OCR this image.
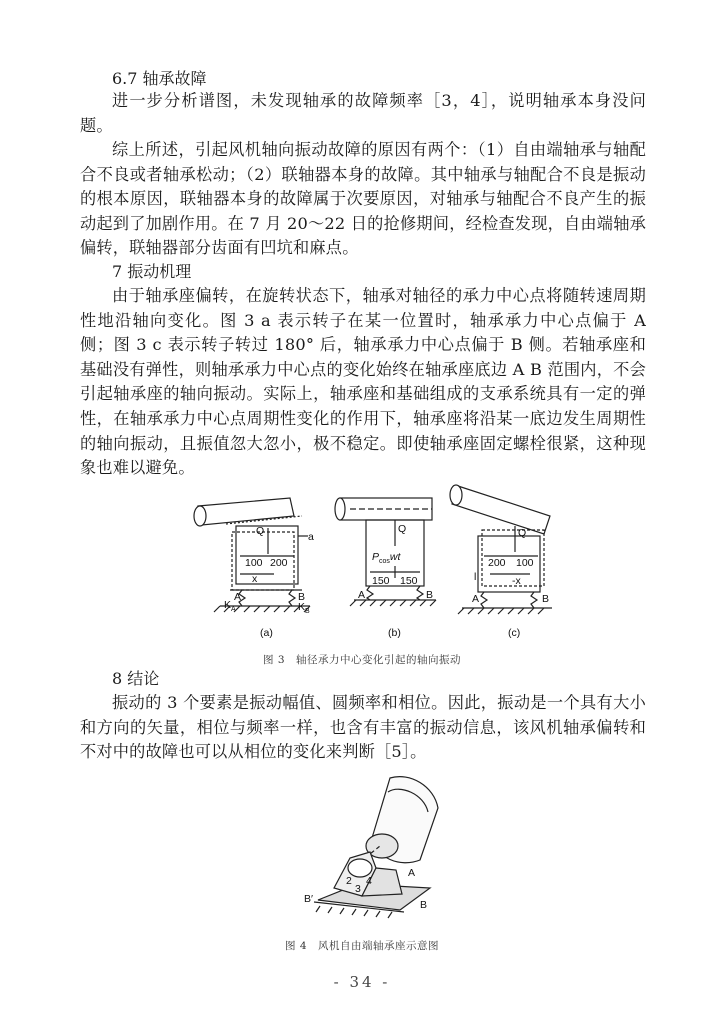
6.7 轴承故障

进一步分析谱图，未发现轴承的故障频率［3，4］，说明轴承本身没问题。

综上所述，引起风机轴向振动故障的原因有两个：（1）自由端轴承与轴配合不良或者轴承松动；（2）联轴器本身的故障。其中轴承与轴配合不良是振动的根本原因，联轴器本身的故障属于次要原因，对轴承与轴配合不良产生的振动起到了加剧作用。在 7 月 20～22 日的抢修期间，经检查发现，自由端轴承偏转，联轴器部分齿面有凹坑和麻点。

7 振动机理

由于轴承座偏转，在旋转状态下，轴承对轴径的承力中心点将随转速周期性地沿轴向变化。图 3 a 表示转子在某一位置时，轴承承力中心点偏于 A 侧；图 3 c 表示转子转过 180° 后，轴承承力中心点偏于 B 侧。若轴承座和基础没有弹性，则轴承承力中心点的变化始终在轴承座底边 A B 范围内，不会引起轴承座的轴向振动。实际上，轴承座和基础组成的支承系统具有一定的弹性，在轴承承力中心点周期性变化的作用下，轴承座将沿某一底边发生周期性的轴向振动，且振值忽大忽小，极不稳定。即使轴承座固定螺栓很紧，这种现象也难以避免。

Q
100 200
x
a
A	B
$K_A$	$K_B$
Q
$P_{cos}wt$
150 150
A	B
Q
200 100
-x
l
A	B
(a)	(b)	(c)
图 3　轴径承力中心变化引起的轴向振动
8 结论

振动的 3 个要素是振动幅值、圆频率和相位。因此，振动是一个具有大小和方向的矢量，相位与频率一样，也含有丰富的振动信息，该风机轴承偏转和不对中的故障也可以从相位的变化来判断［5］。

A
B
B′
2
3
4
图 4　风机自由端轴承座示意图
- 34 -
